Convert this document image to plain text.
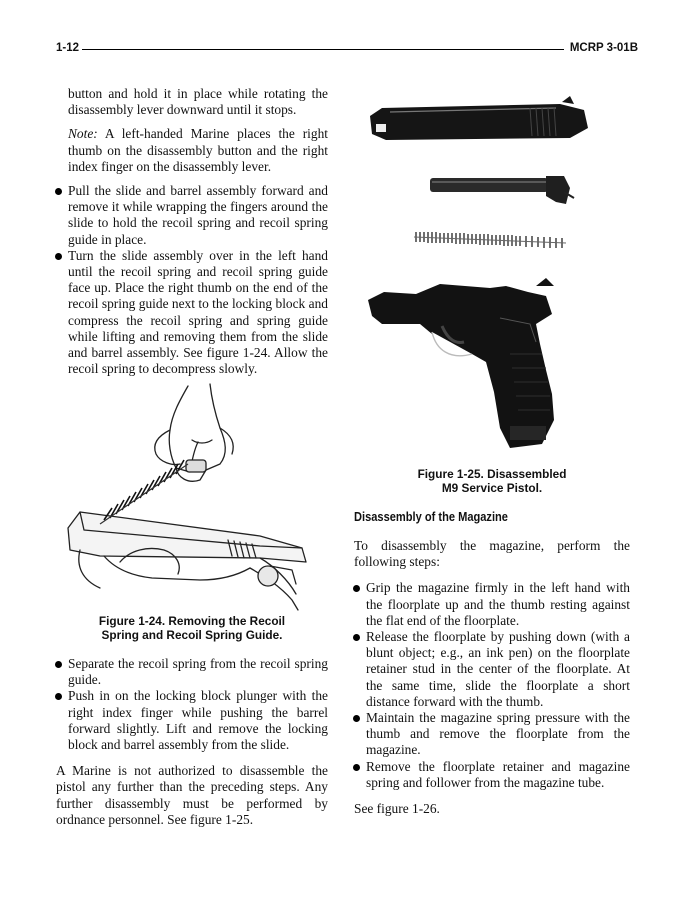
1-12	MCRP 3-01B

button and hold it in place while rotating the disassembly lever downward until it stops.

Note: A left-handed Marine places the right thumb on the disassembly button and the right index finger on the disassembly lever.

Pull the slide and barrel assembly forward and remove it while wrapping the fingers around the slide to hold the recoil spring and recoil spring guide in place.
Turn the slide assembly over in the left hand until the recoil spring and recoil spring guide face up. Place the right thumb on the end of the recoil spring guide next to the locking block and compress the recoil spring and spring guide while lifting and removing them from the slide and barrel assembly. See figure 1-24. Allow the recoil spring to decompress slowly.
Figure 1-24. Removing the Recoil
Spring and Recoil Spring Guide.
Separate the recoil spring from the recoil spring guide.
Push in on the locking block plunger with the right index finger while pushing the barrel forward slightly. Lift and remove the locking block and barrel assembly from the slide.

A Marine is not authorized to disassemble the pistol any further than the preceding steps. Any further disassembly must be performed by ordnance personnel. See figure 1-25.

Figure 1-25. Disassembled
M9 Service Pistol.
Disassembly of the Magazine

To disassembly the magazine, perform the following steps:

Grip the magazine firmly in the left hand with the floorplate up and the thumb resting against the flat end of the floorplate.
Release the floorplate by pushing down (with a blunt object; e.g., an ink pen) on the floorplate retainer stud in the center of the floorplate. At the same time, slide the floorplate a short distance forward with the thumb.
Maintain the magazine spring pressure with the thumb and remove the floorplate from the magazine.
Remove the floorplate retainer and magazine spring and follower from the magazine tube.

See figure 1-26.
